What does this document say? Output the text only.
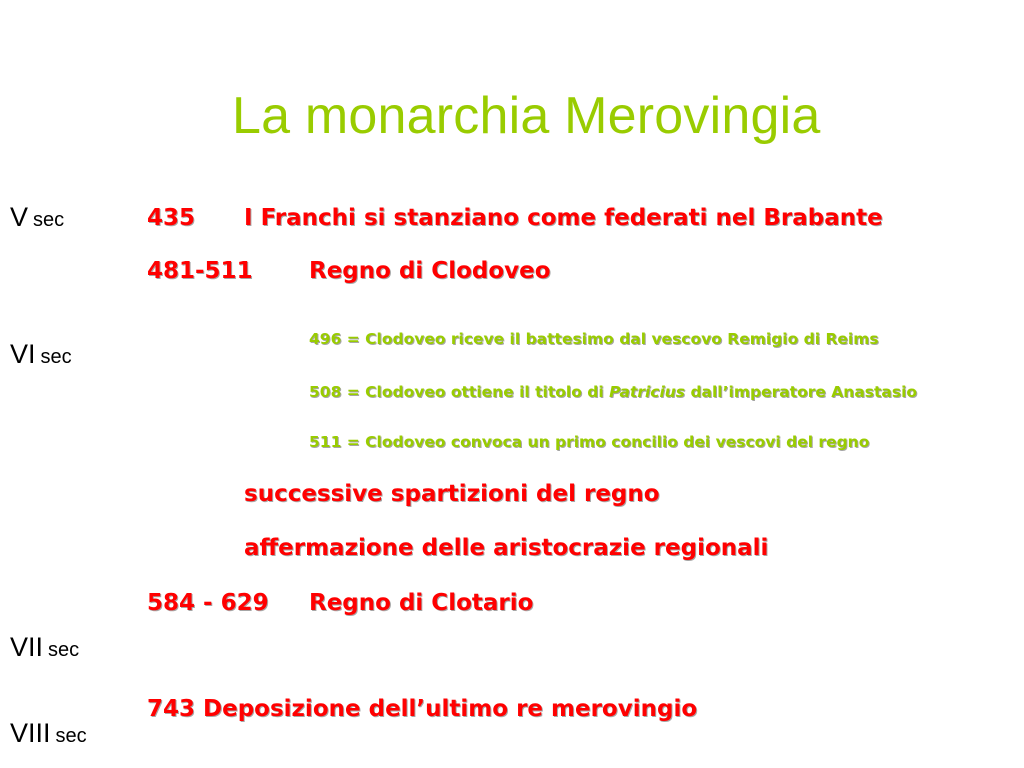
La monarchia Merovingia
V sec
VI sec
VII sec
VIII sec
435 I Franchi si stanziano come federati nel Brabante
481-511 Regno di Clodoveo
496 = Clodoveo riceve il battesimo dal vescovo Remigio di Reims
508 = Clodoveo ottiene il titolo di Patricius dall’imperatore Anastasio
511 = Clodoveo convoca un primo concilio dei vescovi del regno
successive spartizioni del regno
affermazione delle aristocrazie regionali
584 - 629 Regno di Clotario
743 Deposizione dell’ultimo re merovingio
